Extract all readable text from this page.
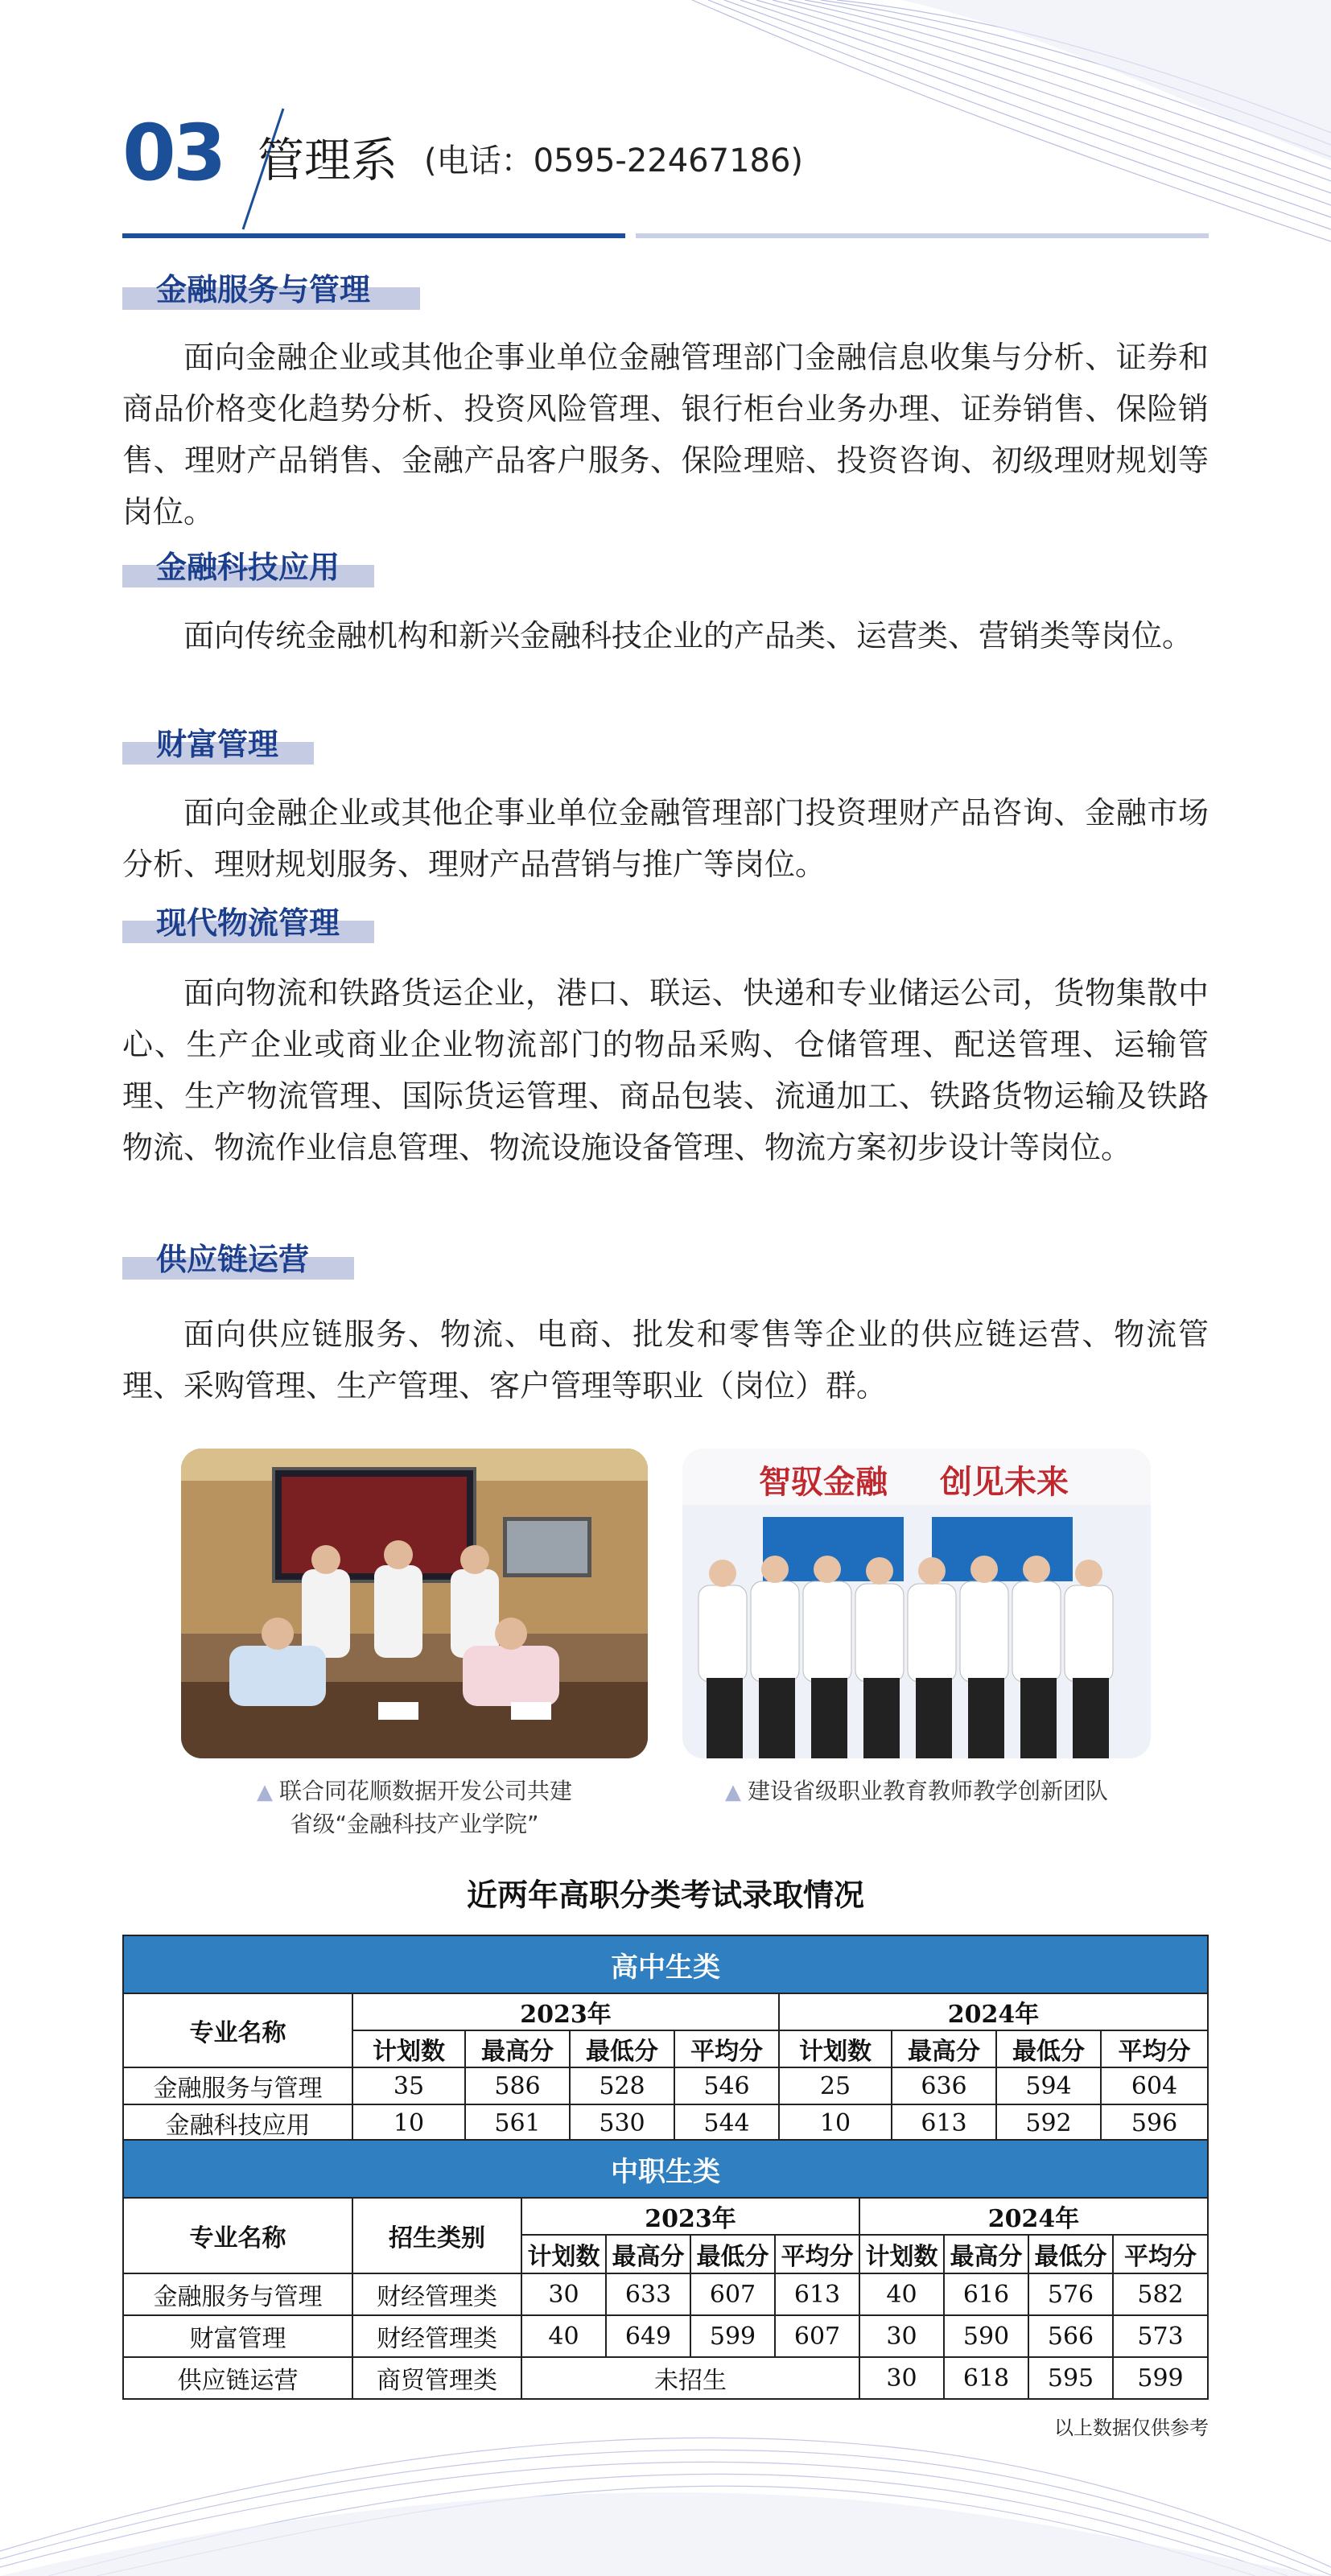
03 管理系 (电话：0595-22467186)
金融服务与管理

面向金融企业或其他企事业单位金融管理部门金融信息收集与分析、证券和商品价格变化趋势分析、投资风险管理、银行柜台业务办理、证券销售、保险销售、理财产品销售、金融产品客户服务、保险理赔、投资咨询、初级理财规划等岗位。

金融科技应用

面向传统金融机构和新兴金融科技企业的产品类、运营类、营销类等岗位。

财富管理

面向金融企业或其他企事业单位金融管理部门投资理财产品咨询、金融市场分析、理财规划服务、理财产品营销与推广等岗位。

现代物流管理

面向物流和铁路货运企业，港口、联运、快递和专业储运公司，货物集散中心、生产企业或商业企业物流部门的物品采购、仓储管理、配送管理、运输管理、生产物流管理、国际货运管理、商品包装、流通加工、铁路货物运输及铁路物流、物流作业信息管理、物流设施设备管理、物流方案初步设计等岗位。

供应链运营

面向供应链服务、物流、电商、批发和零售等企业的供应链运营、物流管理、采购管理、生产管理、客户管理等职业（岗位）群。

▲ 联合同花顺数据开发公司共建
省级“金融科技产业学院”
智驭金融 创见未来
▲ 建设省级职业教育教师教学创新团队
近两年高职分类考试录取情况
高中生类								
专业名称	2023年				2024年			
	计划数	最高分	最低分	平均分	计划数	最高分	最低分	平均分
金融服务与管理	35	586	528	546	25	636	594	604
金融科技应用	10	561	530	544	10	613	592	596
中职生类									
专业名称	招生类别	2023年				2024年			
		计划数	最高分	最低分	平均分	计划数	最高分	最低分	平均分
金融服务与管理	财经管理类	30	633	607	613	40	616	576	582
财富管理	财经管理类	40	649	599	607	30	590	566	573
供应链运营	商贸管理类	未招生				30	618	595	599
以上数据仅供参考
